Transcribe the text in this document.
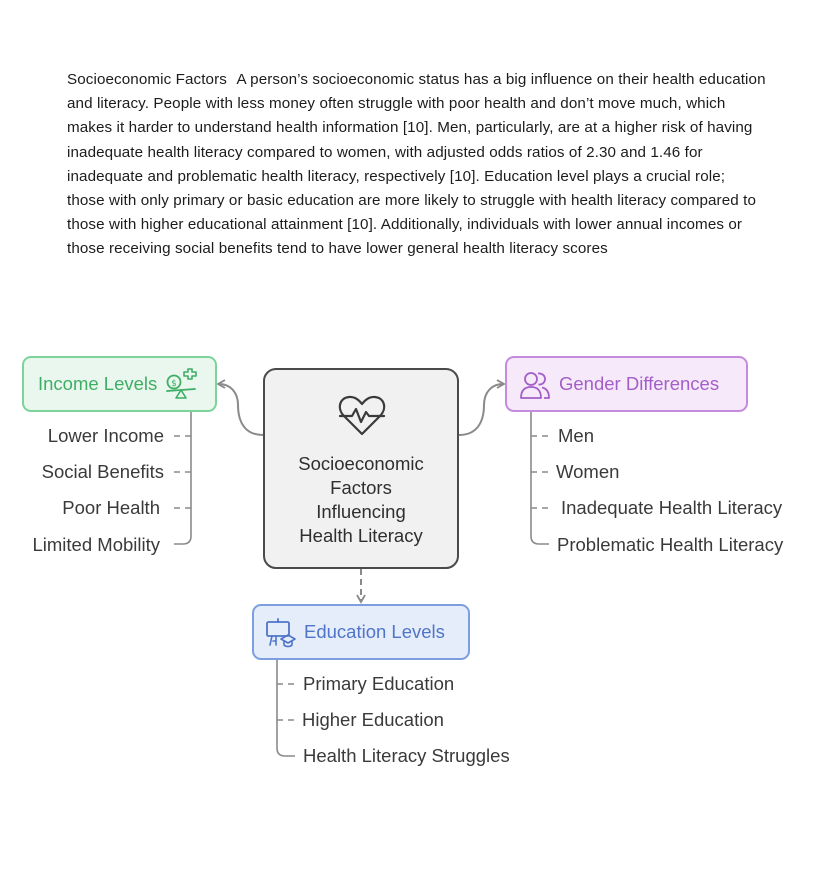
Socioeconomic Factors A person’s socioeconomic status has a big influence on their health education and literacy. People with less money often struggle with poor health and don’t move much, which makes it harder to understand health information [10]. Men, particularly, are at a higher risk of having inadequate health literacy compared to women, with adjusted odds ratios of 2.30 and 1.46 for inadequate and problematic health literacy, respectively [10]. Education level plays a crucial role; those with only primary or basic education are more likely to struggle with health literacy compared to those with higher educational attainment [10]. Additionally, individuals with lower annual incomes or those receiving social benefits tend to have lower general health literacy scores
Socioeconomic
Factors
Influencing
Health Literacy
Income Levels $	Gender Differences
Education Levels
Lower Income
Social Benefits
Poor Health
Limited Mobility
Men
Women
Inadequate Health Literacy
Problematic Health Literacy
Primary Education
Higher Education
Health Literacy Struggles
